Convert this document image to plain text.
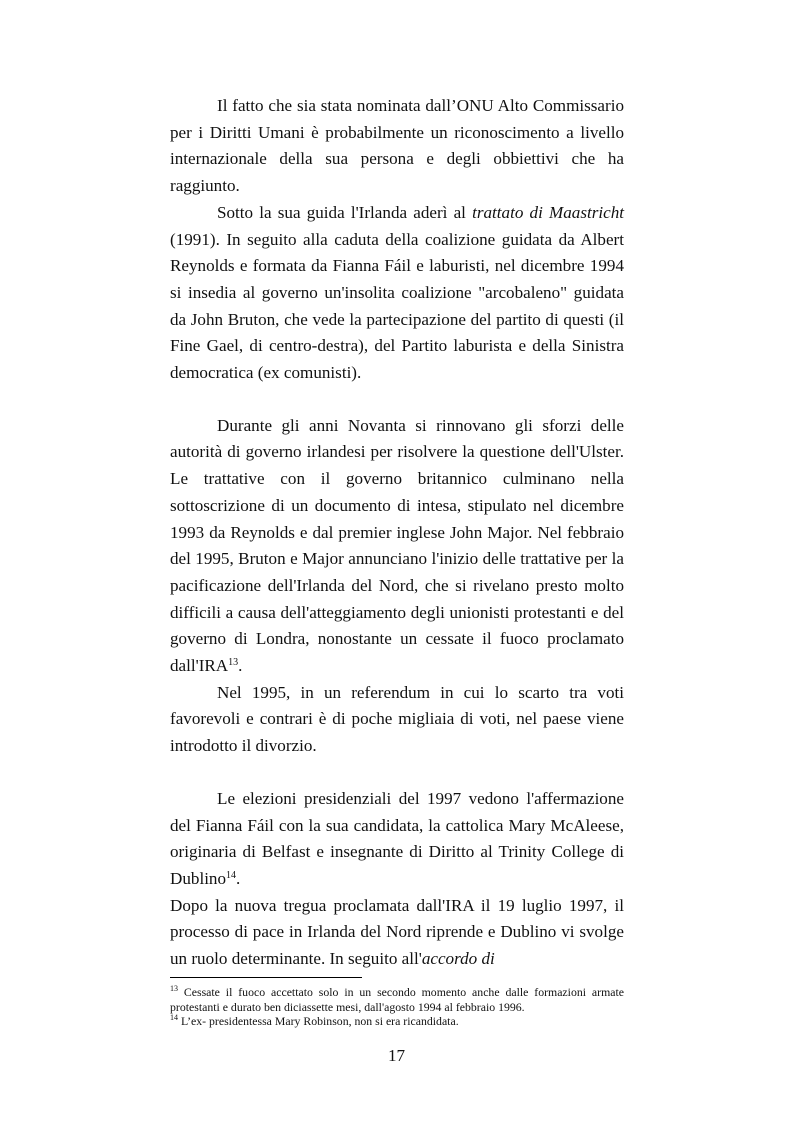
Il fatto che sia stata nominata dall’ONU Alto Commissario per i Diritti Umani è probabilmente un riconoscimento a livello internazionale della sua persona e degli obbiettivi che ha raggiunto.

Sotto la sua guida l'Irlanda aderì al trattato di Maastricht (1991). In seguito alla caduta della coalizione guidata da Albert Reynolds e formata da Fianna Fáil e laburisti, nel dicembre 1994 si insedia al governo un'insolita coalizione "arcobaleno" guidata da John Bruton, che vede la partecipazione del partito di questi (il Fine Gael, di centro-destra), del Partito laburista e della Sinistra democratica (ex comunisti).

Durante gli anni Novanta si rinnovano gli sforzi delle autorità di governo irlandesi per risolvere la questione dell'Ulster. Le trattative con il governo britannico culminano nella sottoscrizione di un documento di intesa, stipulato nel dicembre 1993 da Reynolds e dal premier inglese John Major. Nel febbraio del 1995, Bruton e Major annunciano l'inizio delle trattative per la pacificazione dell'Irlanda del Nord, che si rivelano presto molto difficili a causa dell'atteggiamento degli unionisti protestanti e del governo di Londra, nonostante un cessate il fuoco proclamato dall'IRA$^{13}$.

Nel 1995, in un referendum in cui lo scarto tra voti favorevoli e contrari è di poche migliaia di voti, nel paese viene introdotto il divorzio.

Le elezioni presidenziali del 1997 vedono l'affermazione del Fianna Fáil con la sua candidata, la cattolica Mary McAleese, originaria di Belfast e insegnante di Diritto al Trinity College di Dublino$^{14}$.

Dopo la nuova tregua proclamata dall'IRA il 19 luglio 1997, il processo di pace in Irlanda del Nord riprende e Dublino vi svolge un ruolo determinante. In seguito all'accordo di

$^{13}$ Cessate il fuoco accettato solo in un secondo momento anche dalle formazioni armate protestanti e durato ben diciassette mesi, dall'agosto 1994 al febbraio 1996.

$^{14}$ L’ex- presidentessa Mary Robinson, non si era ricandidata.

17
